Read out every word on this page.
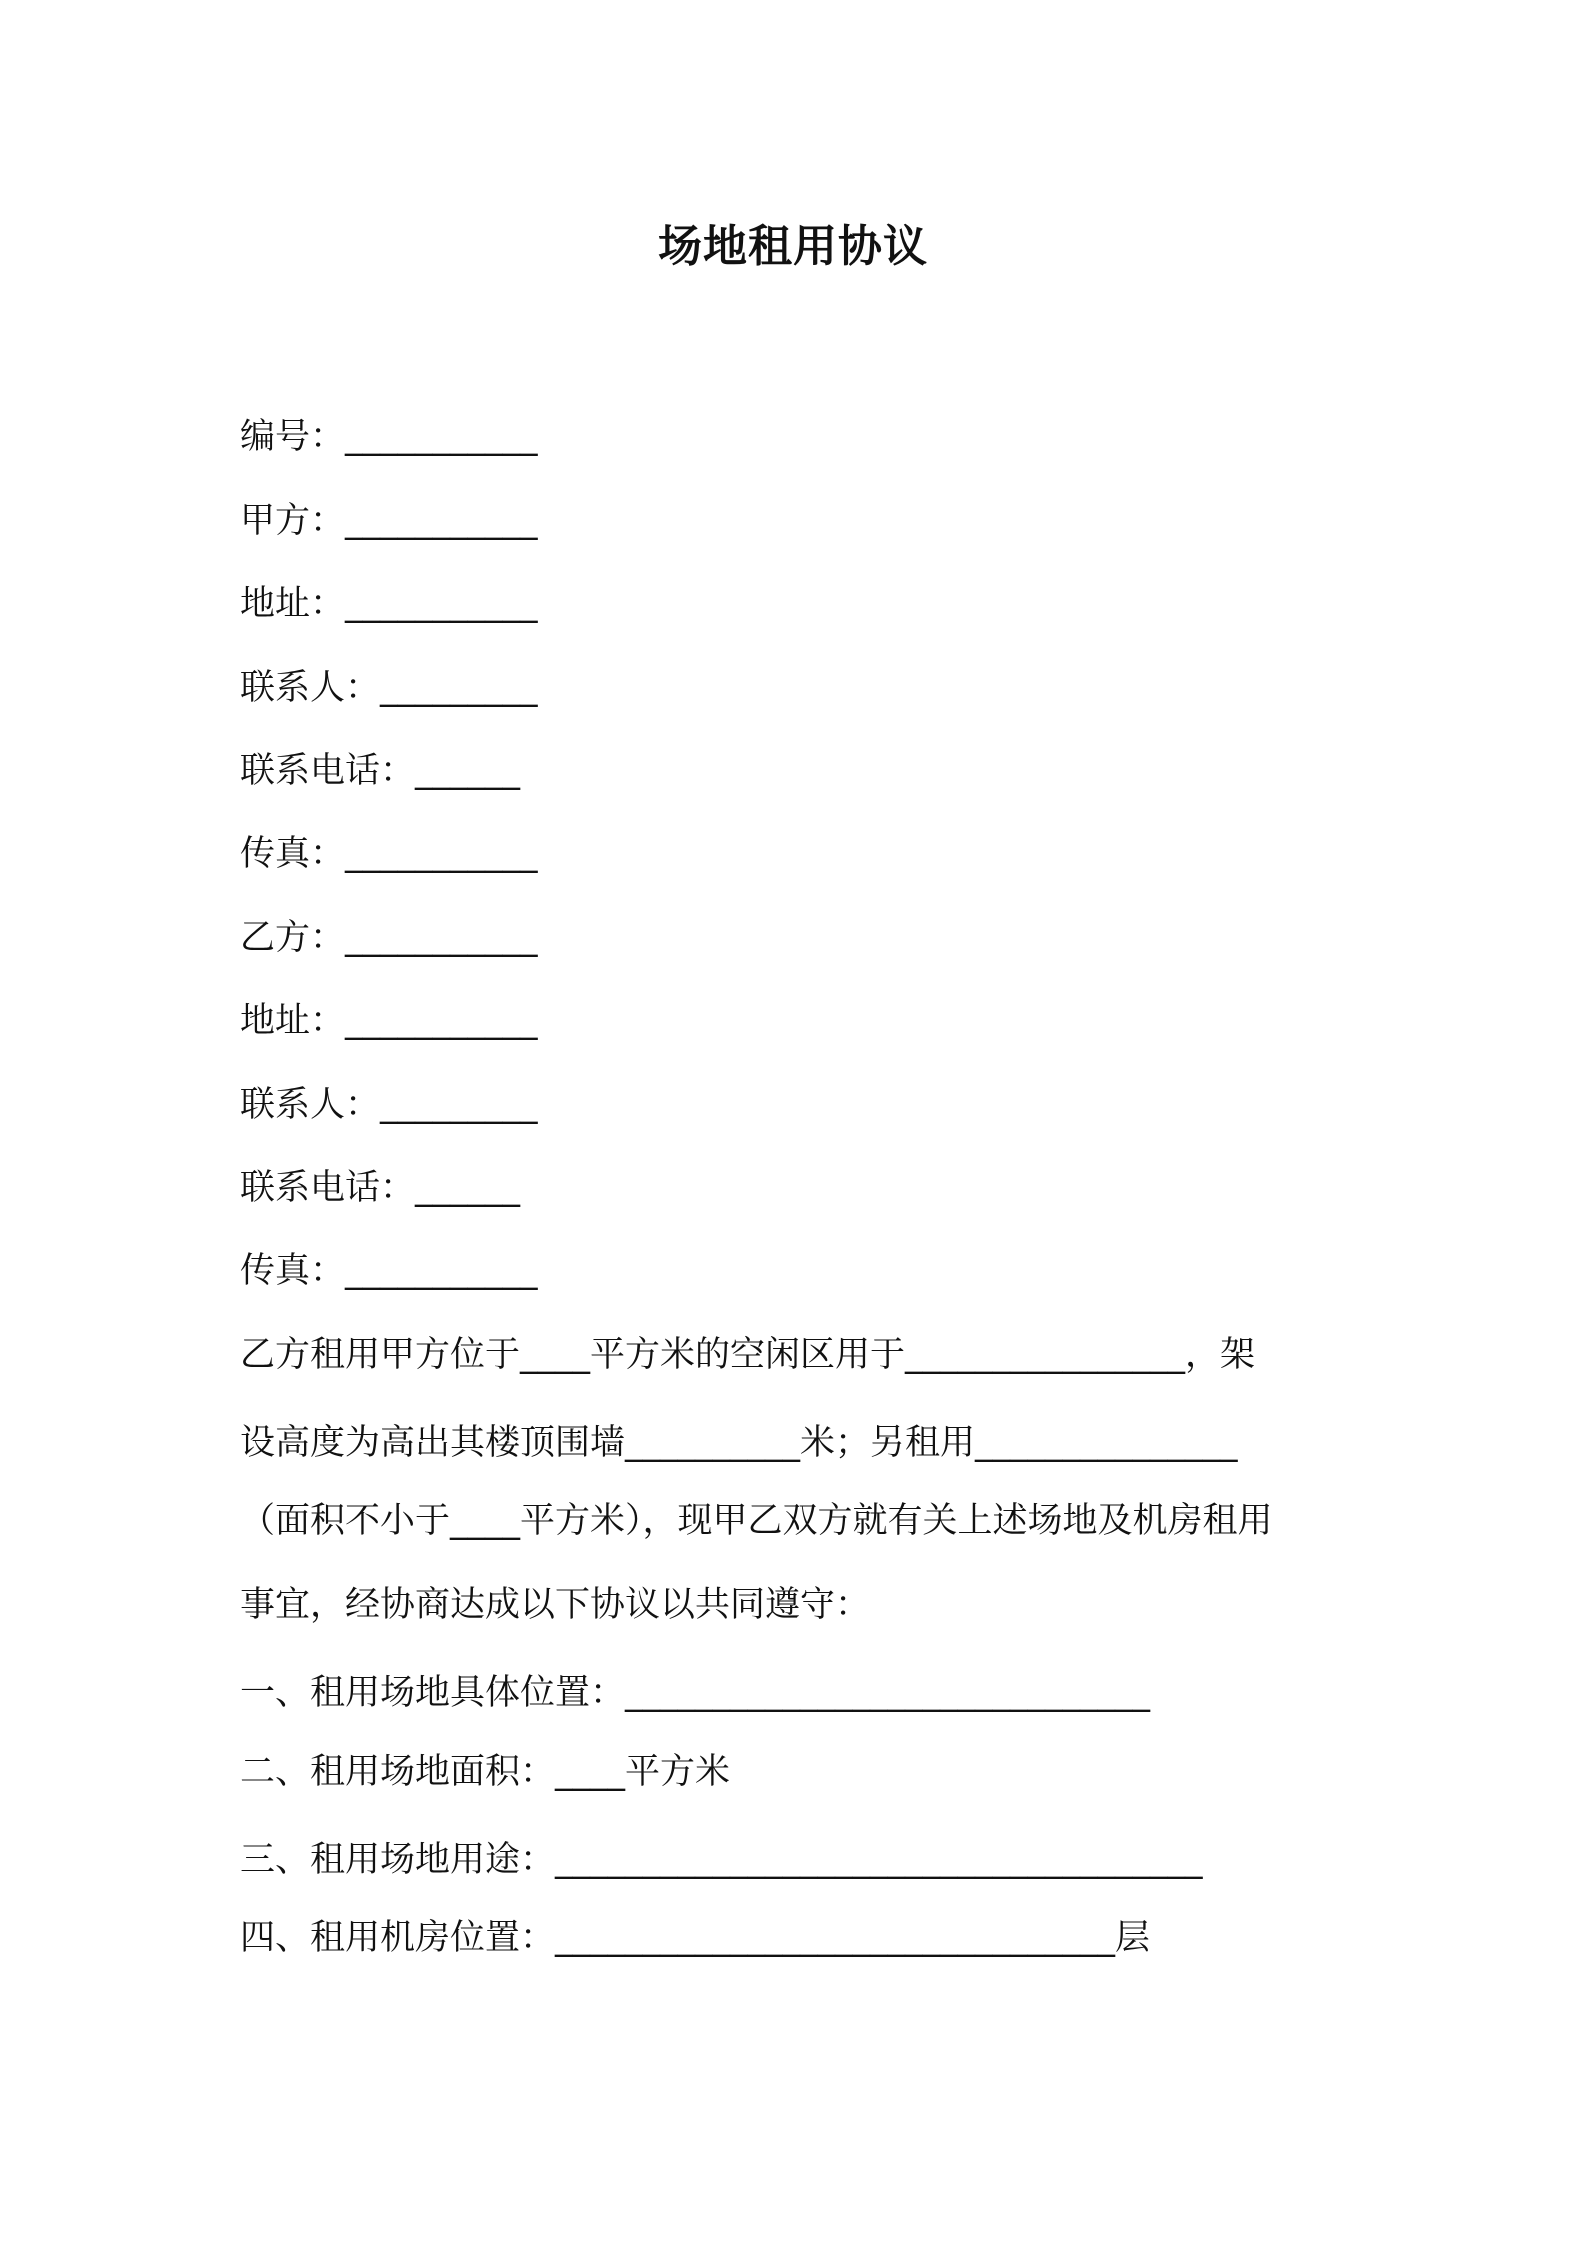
场地租用协议
编号：___________
甲方：___________
地址：___________
联系人：_________
联系电话：______
传真：___________
乙方：___________
地址：___________
联系人：_________
联系电话：______
传真：___________
乙方租用甲方位于____平方米的空闲区用于________________，架
设高度为高出其楼顶围墙__________米；另租用_______________
（面积不小于____平方米），现甲乙双方就有关上述场地及机房租用
事宜，经协商达成以下协议以共同遵守：
一、租用场地具体位置：______________________________
二、租用场地面积：____平方米
三、租用场地用途：_____________________________________
四、租用机房位置：________________________________层
